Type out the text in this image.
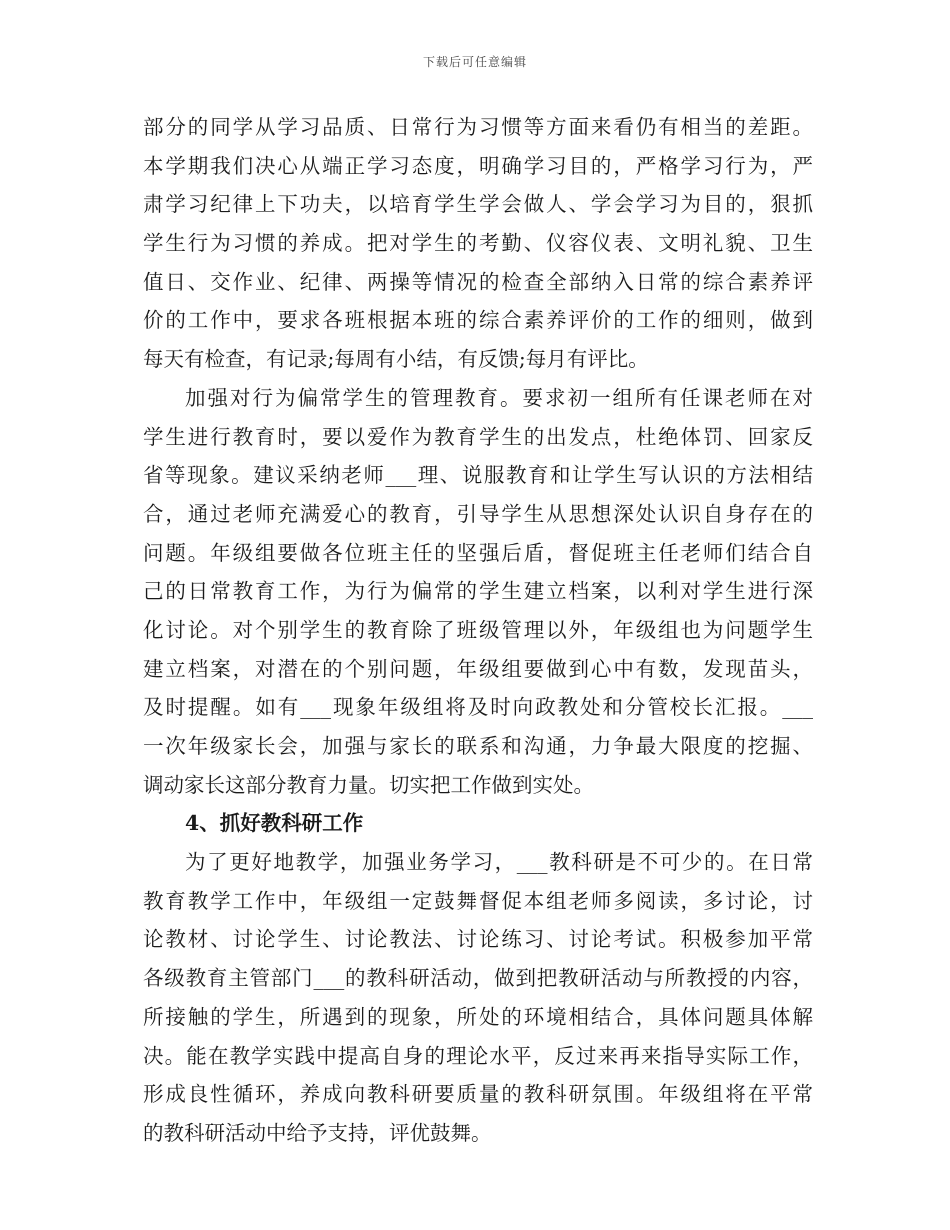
下载后可任意编辑
部分的同学从学习品质、日常行为习惯等方面来看仍有相当的差距。
本学期我们决心从端正学习态度，明确学习目的，严格学习行为，严
肃学习纪律上下功夫，以培育学生学会做人、学会学习为目的，狠抓
学生行为习惯的养成。把对学生的考勤、仪容仪表、文明礼貌、卫生
值日、交作业、纪律、两操等情况的检查全部纳入日常的综合素养评
价的工作中，要求各班根据本班的综合素养评价的工作的细则，做到
每天有检查，有记录;每周有小结，有反馈;每月有评比。
加强对行为偏常学生的管理教育。要求初一组所有任课老师在对
学生进行教育时，要以爱作为教育学生的出发点，杜绝体罚、回家反
省等现象。建议采纳老师___理、说服教育和让学生写认识的方法相结
合，通过老师充满爱心的教育，引导学生从思想深处认识自身存在的
问题。年级组要做各位班主任的坚强后盾，督促班主任老师们结合自
己的日常教育工作，为行为偏常的学生建立档案，以利对学生进行深
化讨论。对个别学生的教育除了班级管理以外，年级组也为问题学生
建立档案，对潜在的个别问题，年级组要做到心中有数，发现苗头，
及时提醒。如有___现象年级组将及时向政教处和分管校长汇报。___
一次年级家长会，加强与家长的联系和沟通，力争最大限度的挖掘、
调动家长这部分教育力量。切实把工作做到实处。
4、抓好教科研工作
为了更好地教学，加强业务学习，___教科研是不可少的。在日常
教育教学工作中，年级组一定鼓舞督促本组老师多阅读，多讨论，讨
论教材、讨论学生、讨论教法、讨论练习、讨论考试。积极参加平常
各级教育主管部门___的教科研活动，做到把教研活动与所教授的内容，
所接触的学生，所遇到的现象，所处的环境相结合，具体问题具体解
决。能在教学实践中提高自身的理论水平，反过来再来指导实际工作，
形成良性循环，养成向教科研要质量的教科研氛围。年级组将在平常
的教科研活动中给予支持，评优鼓舞。
